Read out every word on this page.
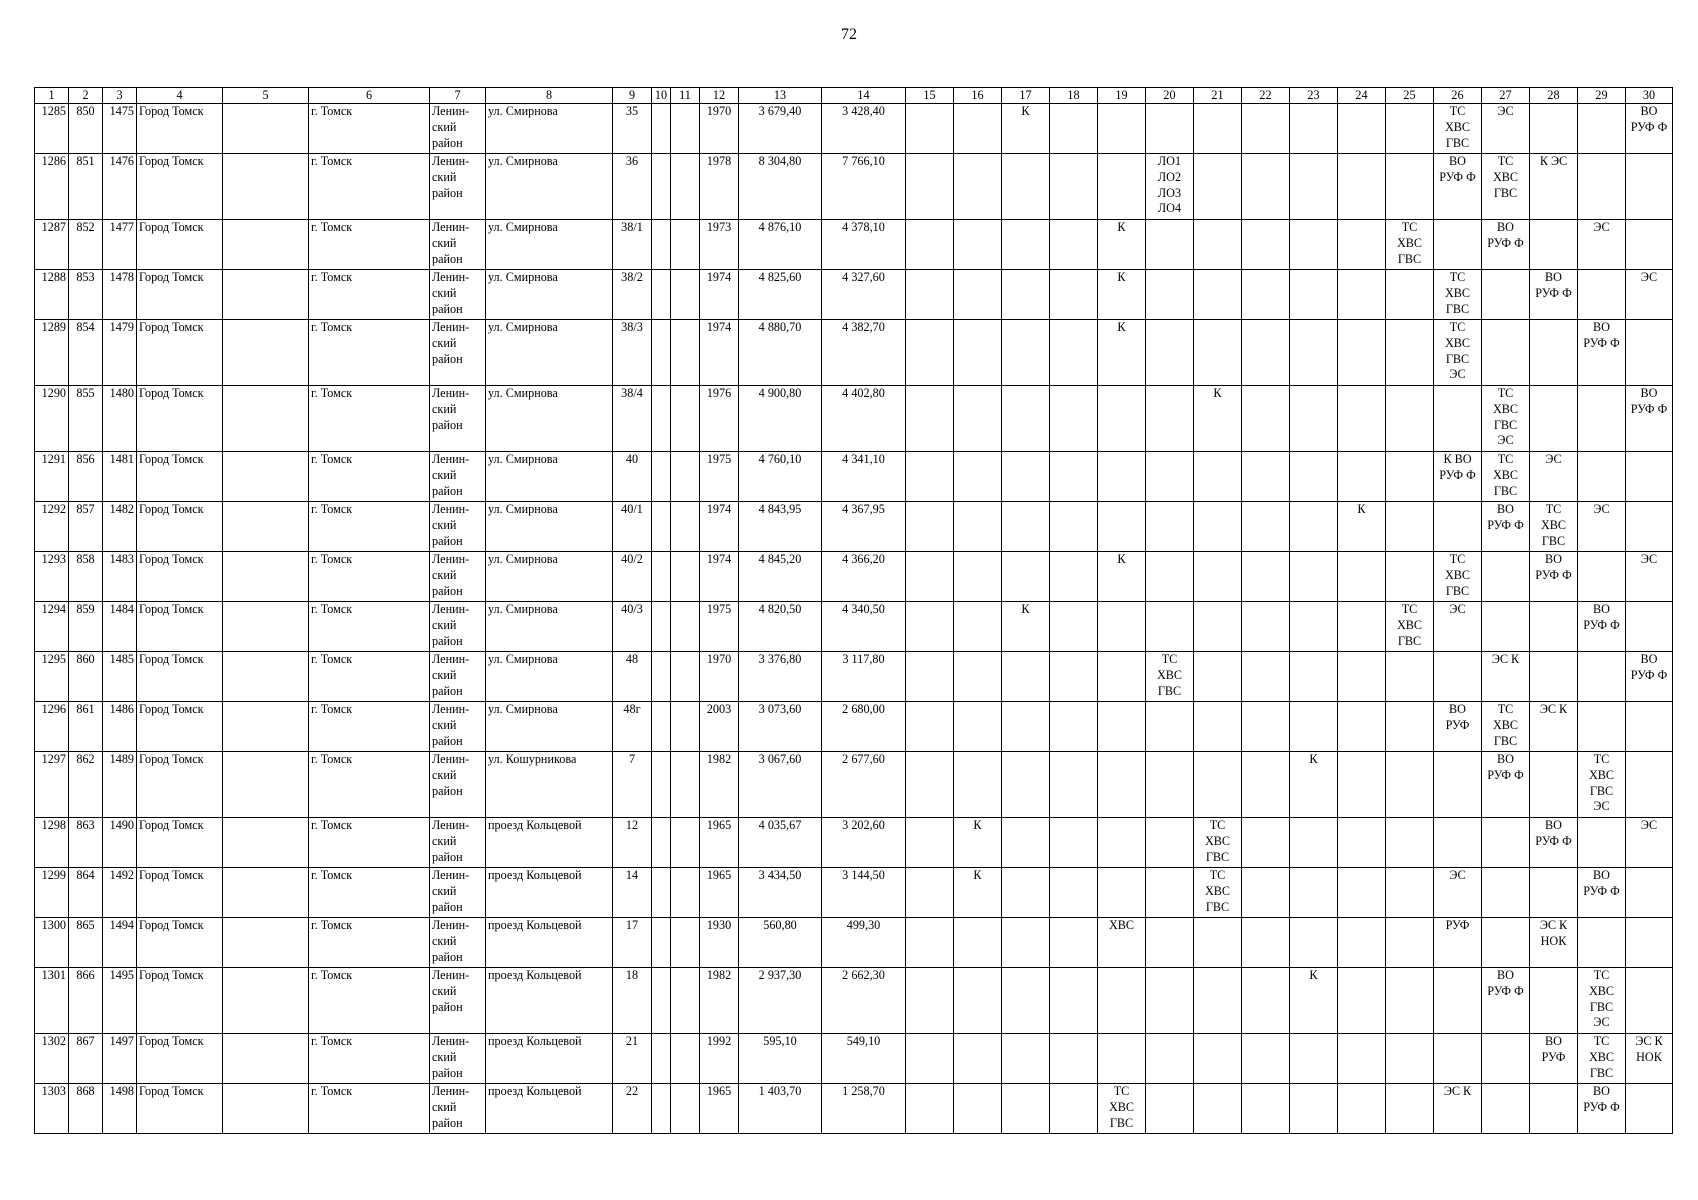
72
1	2	3	4	5	6	7	8	9	10	11	12	13	14	15	16	17	18	19	20	21	22	23	24	25	26	27	28	29	30
1285	850	1475	Город Томск		г. Томск	Ленин-
ский
район	ул. Смирнова	35			1970	3 679,40	3 428,40			К									ТС
ХВС
ГВС	ЭС			ВО
РУФ Ф
1286	851	1476	Город Томск		г. Томск	Ленин-
ский
район	ул. Смирнова	36			1978	8 304,80	7 766,10						ЛО1
ЛО2
ЛО3
ЛО4						ВО
РУФ Ф	ТС
ХВС
ГВС	К ЭС		
1287	852	1477	Город Томск		г. Томск	Ленин-
ский
район	ул. Смирнова	38/1			1973	4 876,10	4 378,10					К						ТС
ХВС
ГВС		ВО
РУФ Ф		ЭС	
1288	853	1478	Город Томск		г. Томск	Ленин-
ский
район	ул. Смирнова	38/2			1974	4 825,60	4 327,60					К							ТС
ХВС
ГВС		ВО
РУФ Ф		ЭС
1289	854	1479	Город Томск		г. Томск	Ленин-
ский
район	ул. Смирнова	38/3			1974	4 880,70	4 382,70					К							ТС
ХВС
ГВС
ЭС			ВО
РУФ Ф	
1290	855	1480	Город Томск		г. Томск	Ленин-
ский
район	ул. Смирнова	38/4			1976	4 900,80	4 402,80							К						ТС
ХВС
ГВС
ЭС			ВО
РУФ Ф
1291	856	1481	Город Томск		г. Томск	Ленин-
ский
район	ул. Смирнова	40			1975	4 760,10	4 341,10												К ВО
РУФ Ф	ТС
ХВС
ГВС	ЭС		
1292	857	1482	Город Томск		г. Томск	Ленин-
ский
район	ул. Смирнова	40/1			1974	4 843,95	4 367,95										К			ВО
РУФ Ф	ТС
ХВС
ГВС	ЭС	
1293	858	1483	Город Томск		г. Томск	Ленин-
ский
район	ул. Смирнова	40/2			1974	4 845,20	4 366,20					К							ТС
ХВС
ГВС		ВО
РУФ Ф		ЭС
1294	859	1484	Город Томск		г. Томск	Ленин-
ский
район	ул. Смирнова	40/3			1975	4 820,50	4 340,50			К								ТС
ХВС
ГВС	ЭС			ВО
РУФ Ф	
1295	860	1485	Город Томск		г. Томск	Ленин-
ский
район	ул. Смирнова	48			1970	3 376,80	3 117,80						ТС
ХВС
ГВС							ЭС К			ВО
РУФ Ф
1296	861	1486	Город Томск		г. Томск	Ленин-
ский
район	ул. Смирнова	48г			2003	3 073,60	2 680,00												ВО
РУФ	ТС
ХВС
ГВС	ЭС К		
1297	862	1489	Город Томск		г. Томск	Ленин-
ский
район	ул. Кошурникова	7			1982	3 067,60	2 677,60									К				ВО
РУФ Ф		ТС
ХВС
ГВС
ЭС	
1298	863	1490	Город Томск		г. Томск	Ленин-
ский
район	проезд Кольцевой	12			1965	4 035,67	3 202,60		К					ТС
ХВС
ГВС							ВО
РУФ Ф		ЭС
1299	864	1492	Город Томск		г. Томск	Ленин-
ский
район	проезд Кольцевой	14			1965	3 434,50	3 144,50		К					ТС
ХВС
ГВС					ЭС			ВО
РУФ Ф	
1300	865	1494	Город Томск		г. Томск	Ленин-
ский
район	проезд Кольцевой	17			1930	560,80	499,30					ХВС							РУФ		ЭС К
НОК		
1301	866	1495	Город Томск		г. Томск	Ленин-
ский
район	проезд Кольцевой	18			1982	2 937,30	2 662,30									К				ВО
РУФ Ф		ТС
ХВС
ГВС
ЭС	
1302	867	1497	Город Томск		г. Томск	Ленин-
ский
район	проезд Кольцевой	21			1992	595,10	549,10														ВО
РУФ	ТС
ХВС
ГВС	ЭС К
НОК
1303	868	1498	Город Томск		г. Томск	Ленин-
ский
район	проезд Кольцевой	22			1965	1 403,70	1 258,70					ТС
ХВС
ГВС							ЭС К			ВО
РУФ Ф	
